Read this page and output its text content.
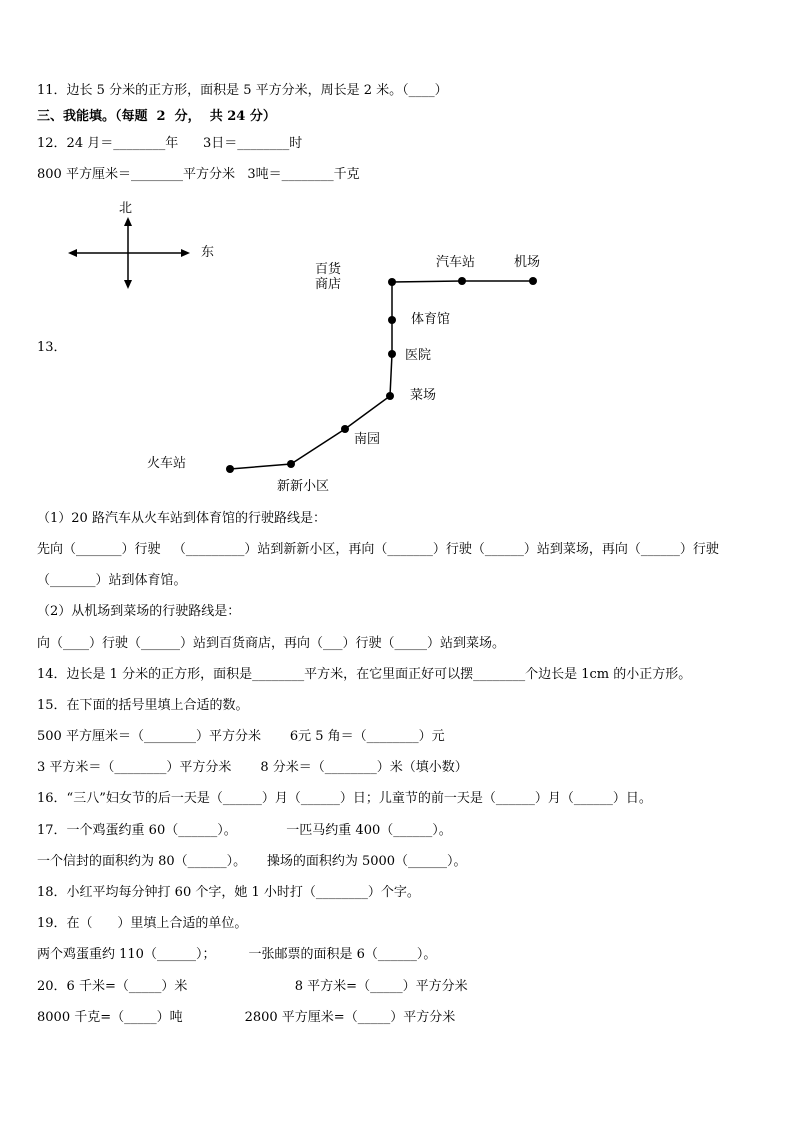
11．边长 5 分米的正方形，面积是 5 平方分米，周长是 2 米。（____）
三、我能填。（每题  2  分，  共 24 分）
12．24 月＝________年      3日＝________时
800 平方厘米＝________平方分米   3吨＝________千克
13．
北
东
百货
商店
汽车站	机场
体育馆
医院
菜场
南园
火车站
新新小区
（1）20 路汽车从火车站到体育馆的行驶路线是：
先向（_______）行驶   （_________）站到新新小区，再向（_______）行驶（______）站到菜场，再向（______）行驶
（_______）站到体育馆。
（2）从机场到菜场的行驶路线是：
向（____）行驶（______）站到百货商店，再向（___）行驶（_____）站到菜场。
14．边长是 1 分米的正方形，面积是________平方米，在它里面正好可以摆________个边长是 1cm 的小正方形。
15．在下面的括号里填上合适的数。
500 平方厘米＝（________）平方分米       6元 5 角＝（________）元
3 平方米＝（________）平方分米       8 分米＝（________）米（填小数）
16．“三八”妇女节的后一天是（______）月（______）日；儿童节的前一天是（______）月（______）日。
17．一个鸡蛋约重 60（______）。            一匹马约重 400（______）。
一个信封的面积约为 80（______）。     操场的面积约为 5000（______）。
18．小红平均每分钟打 60 个字，她 1 小时打（________）个字。
19．在（      ）里填上合适的单位。
两个鸡蛋重约 110（______）；        一张邮票的面积是 6（______）。
20．6 千米=（_____）米                          8 平方米=（_____）平方分米
8000 千克=（_____）吨               2800 平方厘米=（_____）平方分米
